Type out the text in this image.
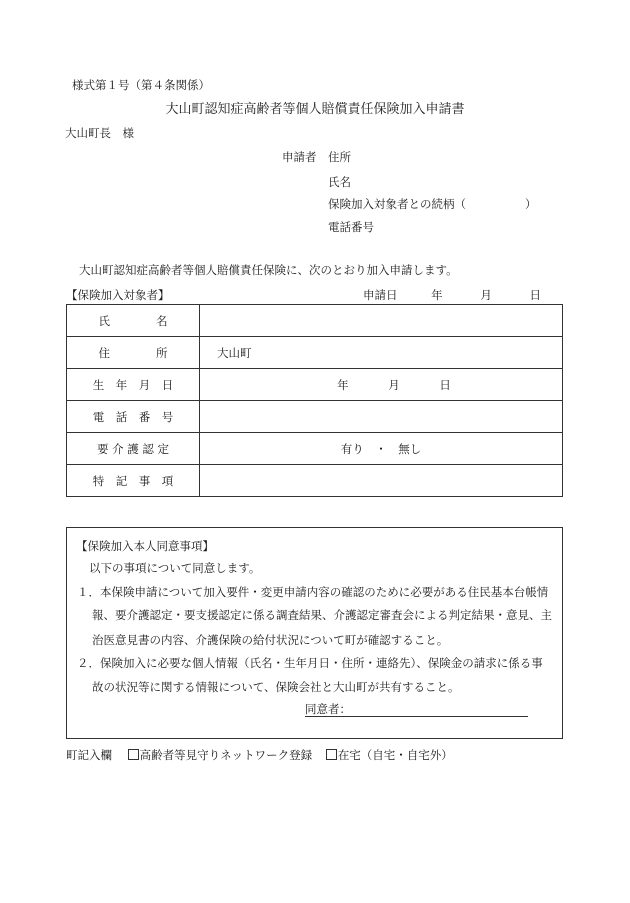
様式第１号（第４条関係）
大山町認知症高齢者等個人賠償責任保険加入申請書
大山町長　様
申請者 住所
氏名
保険加入対象者との続柄（	）
電話番号
大山町認知症高齢者等個人賠償責任保険に、次のとおり加入申請します。
【保険加入対象者】	申請日	年	月	日
氏　　　　名	
住　　　　所	大山町
生　年　月　日	年 月 日
電　話　番　号	
要 介 護 認 定	有り　・　無し
特　記　事　項	
【保険加入本人同意事項】
以下の事項について同意します。
１．本保険申請について加入要件・変更申請内容の確認のために必要がある住民基本台帳情
報、要介護認定・要支援認定に係る調査結果、介護認定審査会による判定結果・意見、主
治医意見書の内容、介護保険の給付状況について町が確認すること。
２．保険加入に必要な個人情報（氏名・生年月日・住所・連絡先）、保険金の請求に係る事
故の状況等に関する情報について、保険会社と大山町が共有すること。
同意者：
町記入欄 高齢者等見守りネットワーク登録 在宅（自宅・自宅外）
